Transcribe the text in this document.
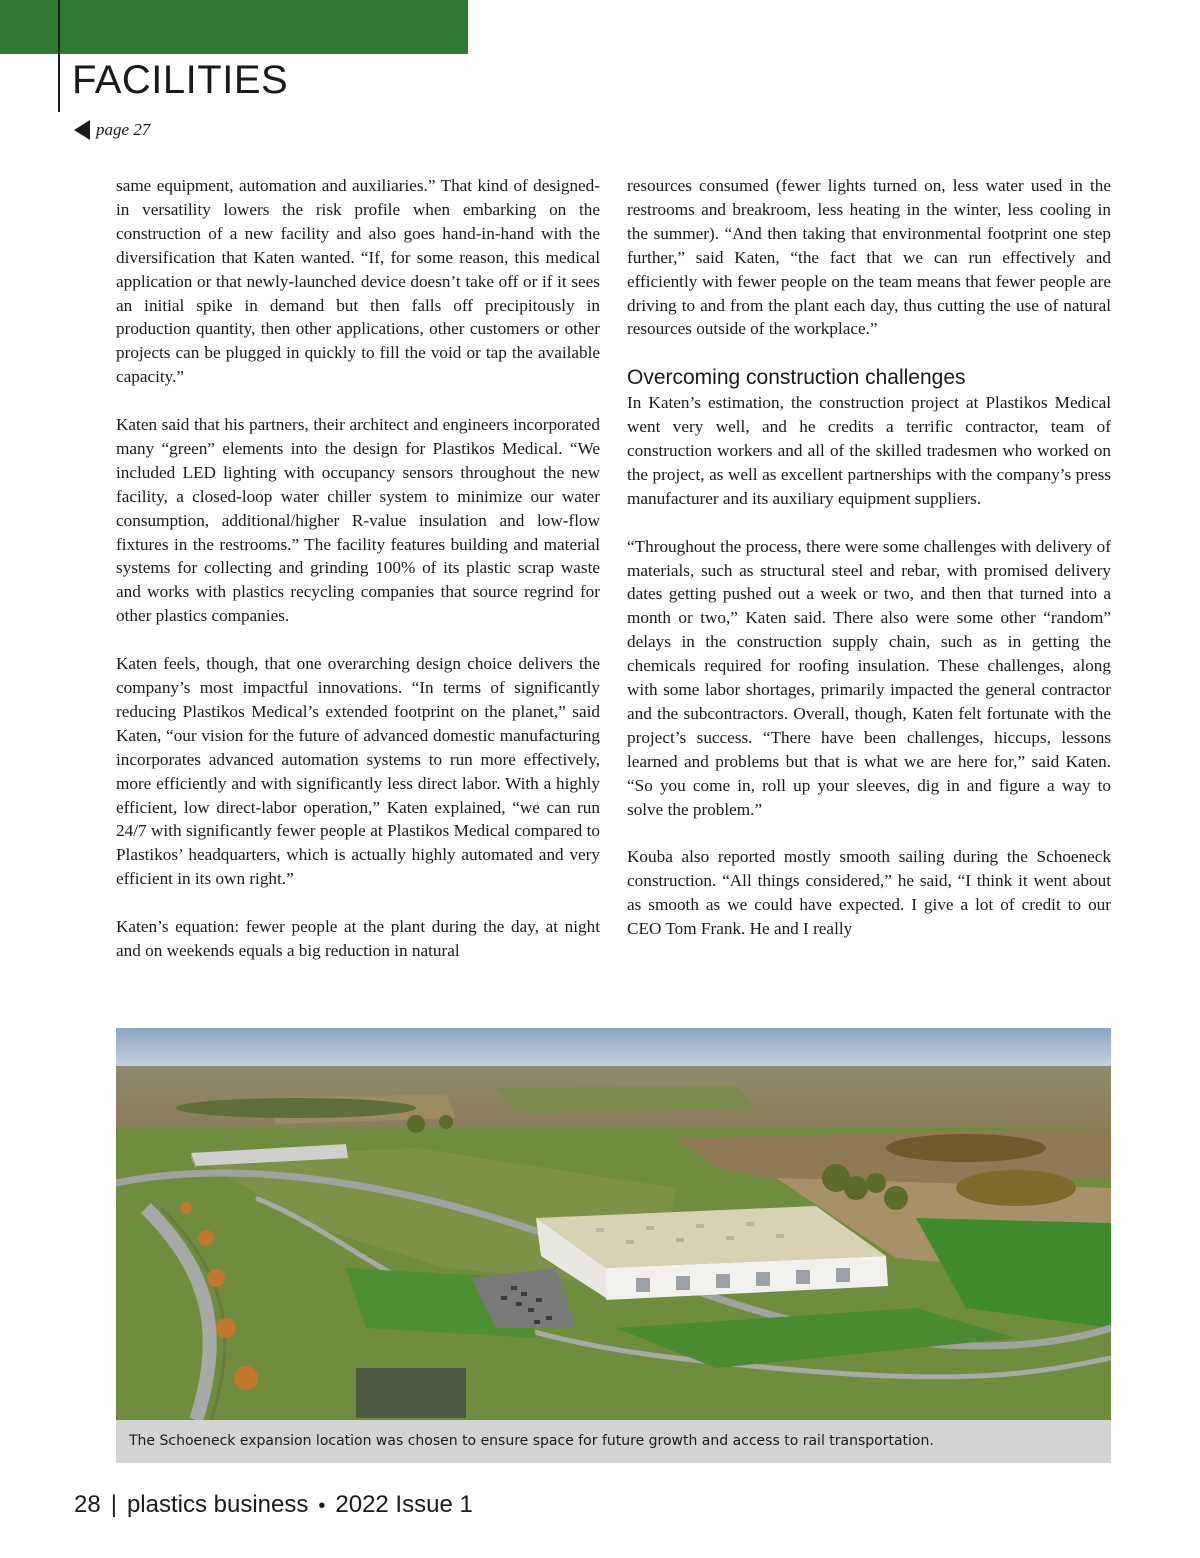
FACILITIES
page 27

same equipment, automation and auxiliaries.” That kind of designed-in versatility lowers the risk profile when embarking on the construction of a new facility and also goes hand-in-hand with the diversification that Katen wanted. “If, for some reason, this medical application or that newly-launched device doesn’t take off or if it sees an initial spike in demand but then falls off precipitously in production quantity, then other applications, other customers or other projects can be plugged in quickly to fill the void or tap the available capacity.”

Katen said that his partners, their architect and engineers incorporated many “green” elements into the design for Plastikos Medical. “We included LED lighting with occupancy sensors throughout the new facility, a closed-loop water chiller system to minimize our water consumption, additional/higher R-value insulation and low-flow fixtures in the restrooms.” The facility features building and material systems for collecting and grinding 100% of its plastic scrap waste and works with plastics recycling companies that source regrind for other plastics companies.

Katen feels, though, that one overarching design choice delivers the company’s most impactful innovations. “In terms of significantly reducing Plastikos Medical’s extended footprint on the planet,” said Katen, “our vision for the future of advanced domestic manufacturing incorporates advanced automation systems to run more effectively, more efficiently and with significantly less direct labor. With a highly efficient, low direct-labor operation,” Katen explained, “we can run 24/7 with significantly fewer people at Plastikos Medical compared to Plastikos’ headquarters, which is actually highly automated and very efficient in its own right.”

Katen’s equation: fewer people at the plant during the day, at night and on weekends equals a big reduction in natural

resources consumed (fewer lights turned on, less water used in the restrooms and breakroom, less heating in the winter, less cooling in the summer). “And then taking that environmental footprint one step further,” said Katen, “the fact that we can run effectively and efficiently with fewer people on the team means that fewer people are driving to and from the plant each day, thus cutting the use of natural resources outside of the workplace.”

Overcoming construction challenges

In Katen’s estimation, the construction project at Plastikos Medical went very well, and he credits a terrific contractor, team of construction workers and all of the skilled tradesmen who worked on the project, as well as excellent partnerships with the company’s press manufacturer and its auxiliary equipment suppliers.

“Throughout the process, there were some challenges with delivery of materials, such as structural steel and rebar, with promised delivery dates getting pushed out a week or two, and then that turned into a month or two,” Katen said. There also were some other “random” delays in the construction supply chain, such as in getting the chemicals required for roofing insulation. These challenges, along with some labor shortages, primarily impacted the general contractor and the subcontractors. Overall, though, Katen felt fortunate with the project’s success. “There have been challenges, hiccups, lessons learned and problems but that is what we are here for,” said Katen. “So you come in, roll up your sleeves, dig in and figure a way to solve the problem.”

Kouba also reported mostly smooth sailing during the Schoeneck construction. “All things considered,” he said, “I think it went about as smooth as we could have expected. I give a lot of credit to our CEO Tom Frank. He and I really

The Schoeneck expansion location was chosen to ensure space for future growth and access to rail transportation.
28 | plastics business • 2022 Issue 1
